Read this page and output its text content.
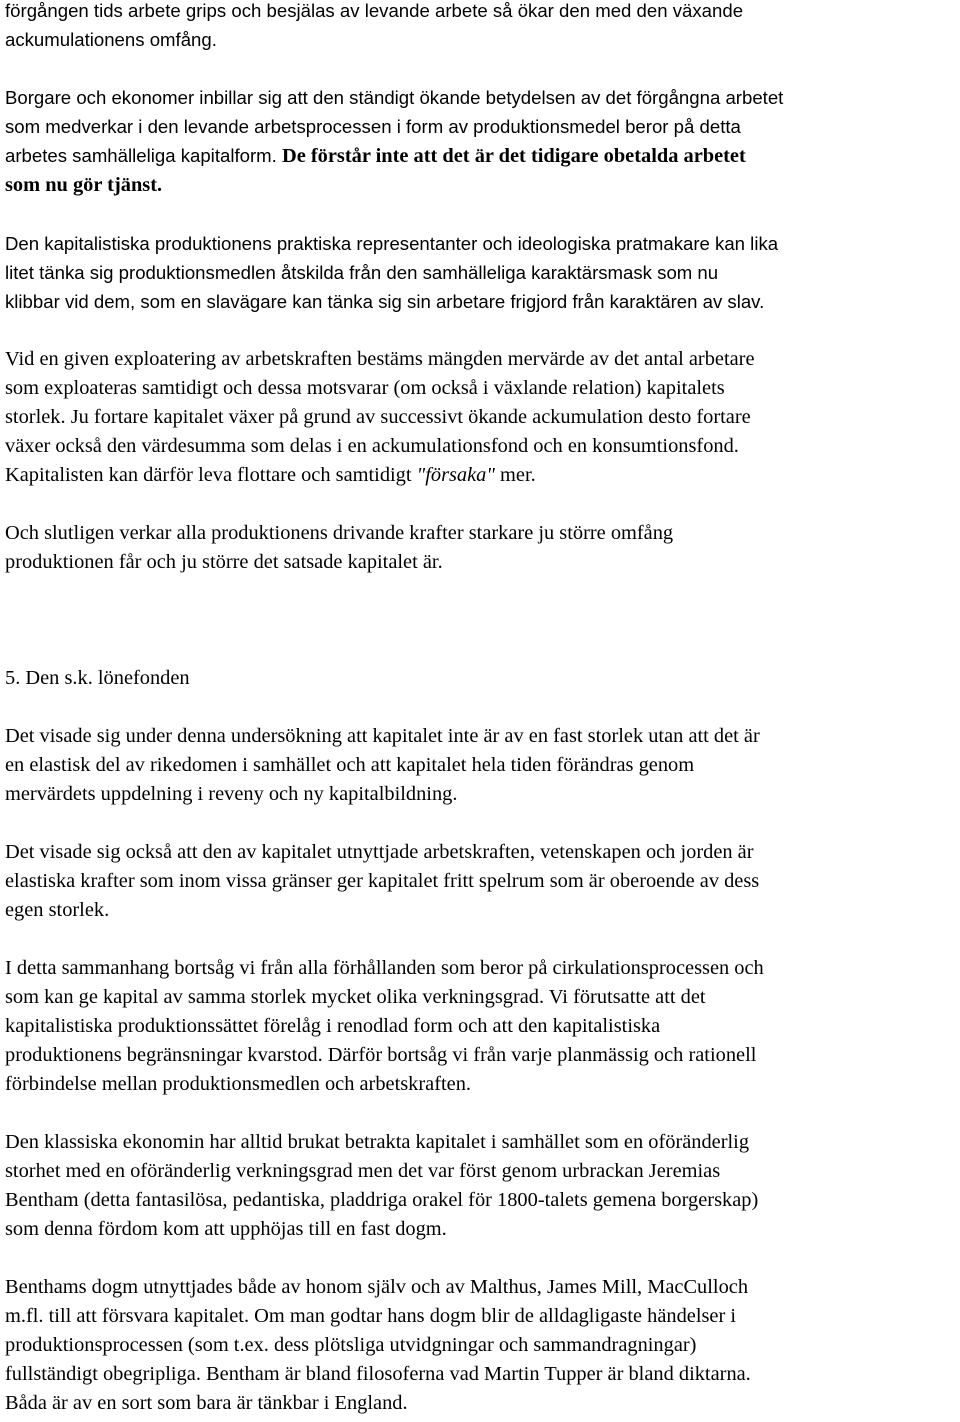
förgången tids arbete grips och besjälas av levande arbete så ökar den med den växande

ackumulationens omfång.

Borgare och ekonomer inbillar sig att den ständigt ökande betydelsen av det förgångna arbetet

som medverkar i den levande arbetsprocessen i form av produktionsmedel beror på detta

arbetes samhälleliga kapitalform. De förstår inte att det är det tidigare obetalda arbetet

som nu gör tjänst.

Den kapitalistiska produktionens praktiska representanter och ideologiska pratmakare kan lika

litet tänka sig produktionsmedlen åtskilda från den samhälleliga karaktärsmask som nu

klibbar vid dem, som en slavägare kan tänka sig sin arbetare frigjord från karaktären av slav.

Vid en given exploatering av arbetskraften bestäms mängden mervärde av det antal arbetare

som exploateras samtidigt och dessa motsvarar (om också i växlande relation) kapitalets

storlek. Ju fortare kapitalet växer på grund av successivt ökande ackumulation desto fortare

växer också den värdesumma som delas i en ackumulationsfond och en konsumtionsfond.

Kapitalisten kan därför leva flottare och samtidigt "försaka" mer.

Och slutligen verkar alla produktionens drivande krafter starkare ju större omfång

produktionen får och ju större det satsade kapitalet är.

5. Den s.k. lönefonden

Det visade sig under denna undersökning att kapitalet inte är av en fast storlek utan att det är

en elastisk del av rikedomen i samhället och att kapitalet hela tiden förändras genom

mervärdets uppdelning i reveny och ny kapitalbildning.

Det visade sig också att den av kapitalet utnyttjade arbetskraften, vetenskapen och jorden är

elastiska krafter som inom vissa gränser ger kapitalet fritt spelrum som är oberoende av dess

egen storlek.

I detta sammanhang bortsåg vi från alla förhållanden som beror på cirkulationsprocessen och

som kan ge kapital av samma storlek mycket olika verkningsgrad. Vi förutsatte att det

kapitalistiska produktionssättet förelåg i renodlad form och att den kapitalistiska

produktionens begränsningar kvarstod. Därför bortsåg vi från varje planmässig och rationell

förbindelse mellan produktionsmedlen och arbetskraften.

Den klassiska ekonomin har alltid brukat betrakta kapitalet i samhället som en oföränderlig

storhet med en oföränderlig verkningsgrad men det var först genom urbrackan Jeremias

Bentham (detta fantasilösa, pedantiska, pladdriga orakel för 1800-talets gemena borgerskap)

som denna fördom kom att upphöjas till en fast dogm.

Benthams dogm utnyttjades både av honom själv och av Malthus, James Mill, MacCulloch

m.fl. till att försvara kapitalet. Om man godtar hans dogm blir de alldagligaste händelser i

produktionsprocessen (som t.ex. dess plötsliga utvidgningar och sammandragningar)

fullständigt obegripliga. Bentham är bland filosoferna vad Martin Tupper är bland diktarna.

Båda är av en sort som bara är tänkbar i England.
